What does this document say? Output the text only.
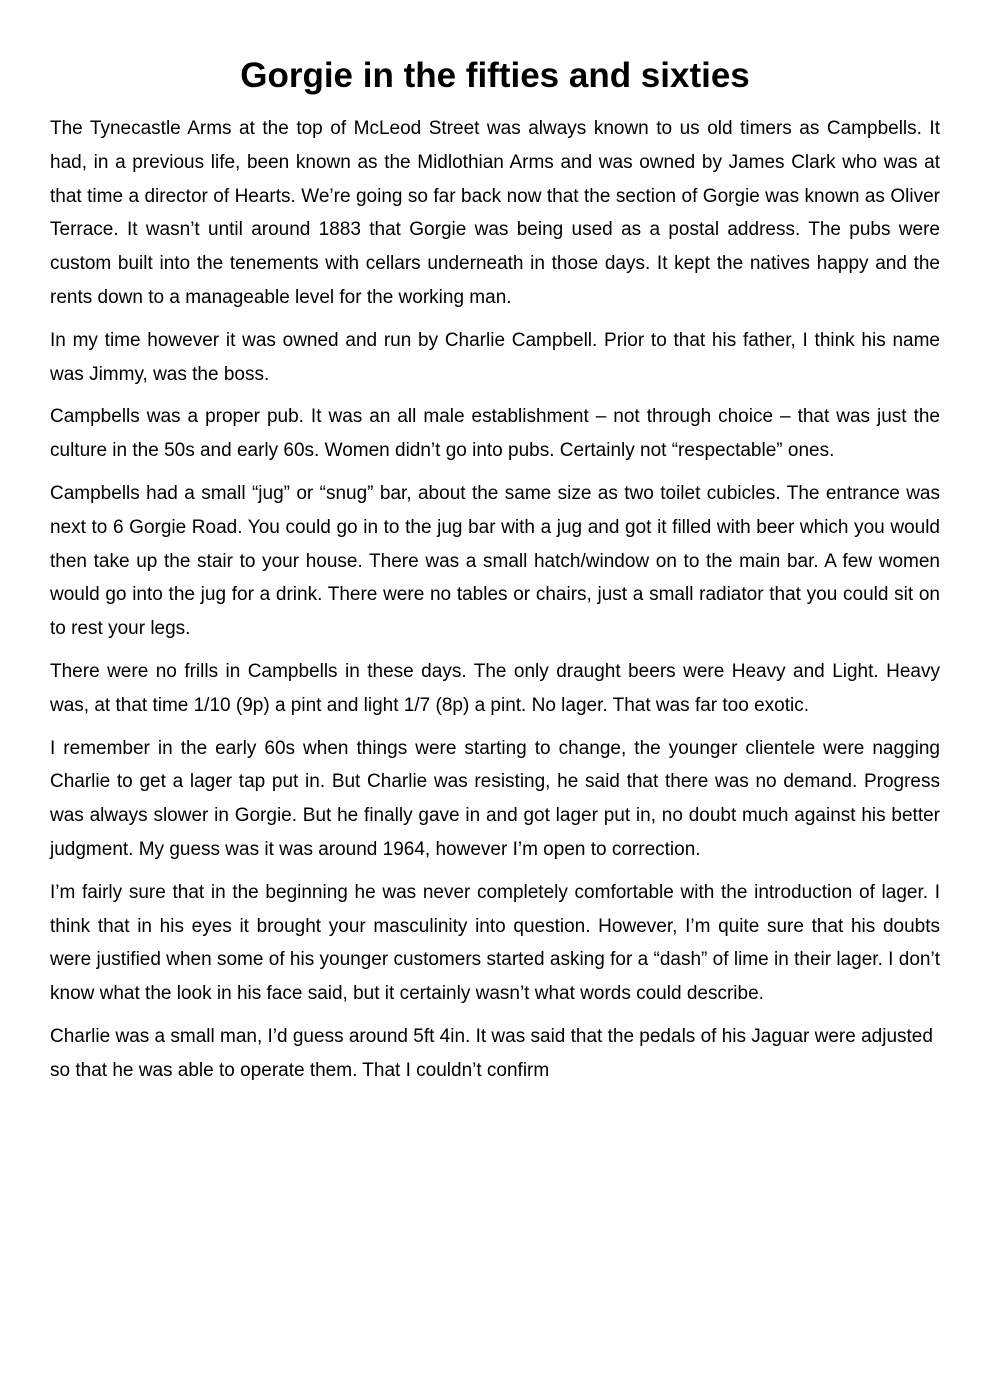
Gorgie in the fifties and sixties

The Tynecastle Arms at the top of McLeod Street was always known to us old timers as Campbells. It had, in a previous life, been known as the Midlothian Arms and was owned by James Clark who was at that time a director of Hearts. We’re going so far back now that the section of Gorgie was known as Oliver Terrace. It wasn’t until around 1883 that Gorgie was being used as a postal address. The pubs were custom built into the tenements with cellars underneath in those days. It kept the natives happy and the rents down to a manageable level for the working man.

In my time however it was owned and run by Charlie Campbell. Prior to that his father, I think his name was Jimmy, was the boss.

Campbells was a proper pub. It was an all male establishment – not through choice – that was just the culture in the 50s and early 60s. Women didn’t go into pubs. Certainly not “respectable” ones.

Campbells had a small “jug” or “snug” bar, about the same size as two toilet cubicles. The entrance was next to 6 Gorgie Road. You could go in to the jug bar with a jug and got it filled with beer which you would then take up the stair to your house. There was a small hatch/window on to the main bar. A few women would go into the jug for a drink. There were no tables or chairs, just a small radiator that you could sit on to rest your legs.

There were no frills in Campbells in these days. The only draught beers were Heavy and Light. Heavy was, at that time 1/10 (9p) a pint and light 1/7 (8p) a pint. No lager. That was far too exotic.

I remember in the early 60s when things were starting to change, the younger clientele were nagging Charlie to get a lager tap put in. But Charlie was resisting, he said that there was no demand. Progress was always slower in Gorgie. But he finally gave in and got lager put in, no doubt much against his better judgment. My guess was it was around 1964, however I’m open to correction.

I’m fairly sure that in the beginning he was never completely comfortable with the introduction of lager. I think that in his eyes it brought your masculinity into question. However, I’m quite sure that his doubts were justified when some of his younger customers started asking for a “dash” of lime in their lager. I don’t know what the look in his face said, but it certainly wasn’t what words could describe.

Charlie was a small man, I’d guess around 5ft 4in. It was said that the pedals of his Jaguar were adjusted so that he was able to operate them. That I couldn’t confirm
